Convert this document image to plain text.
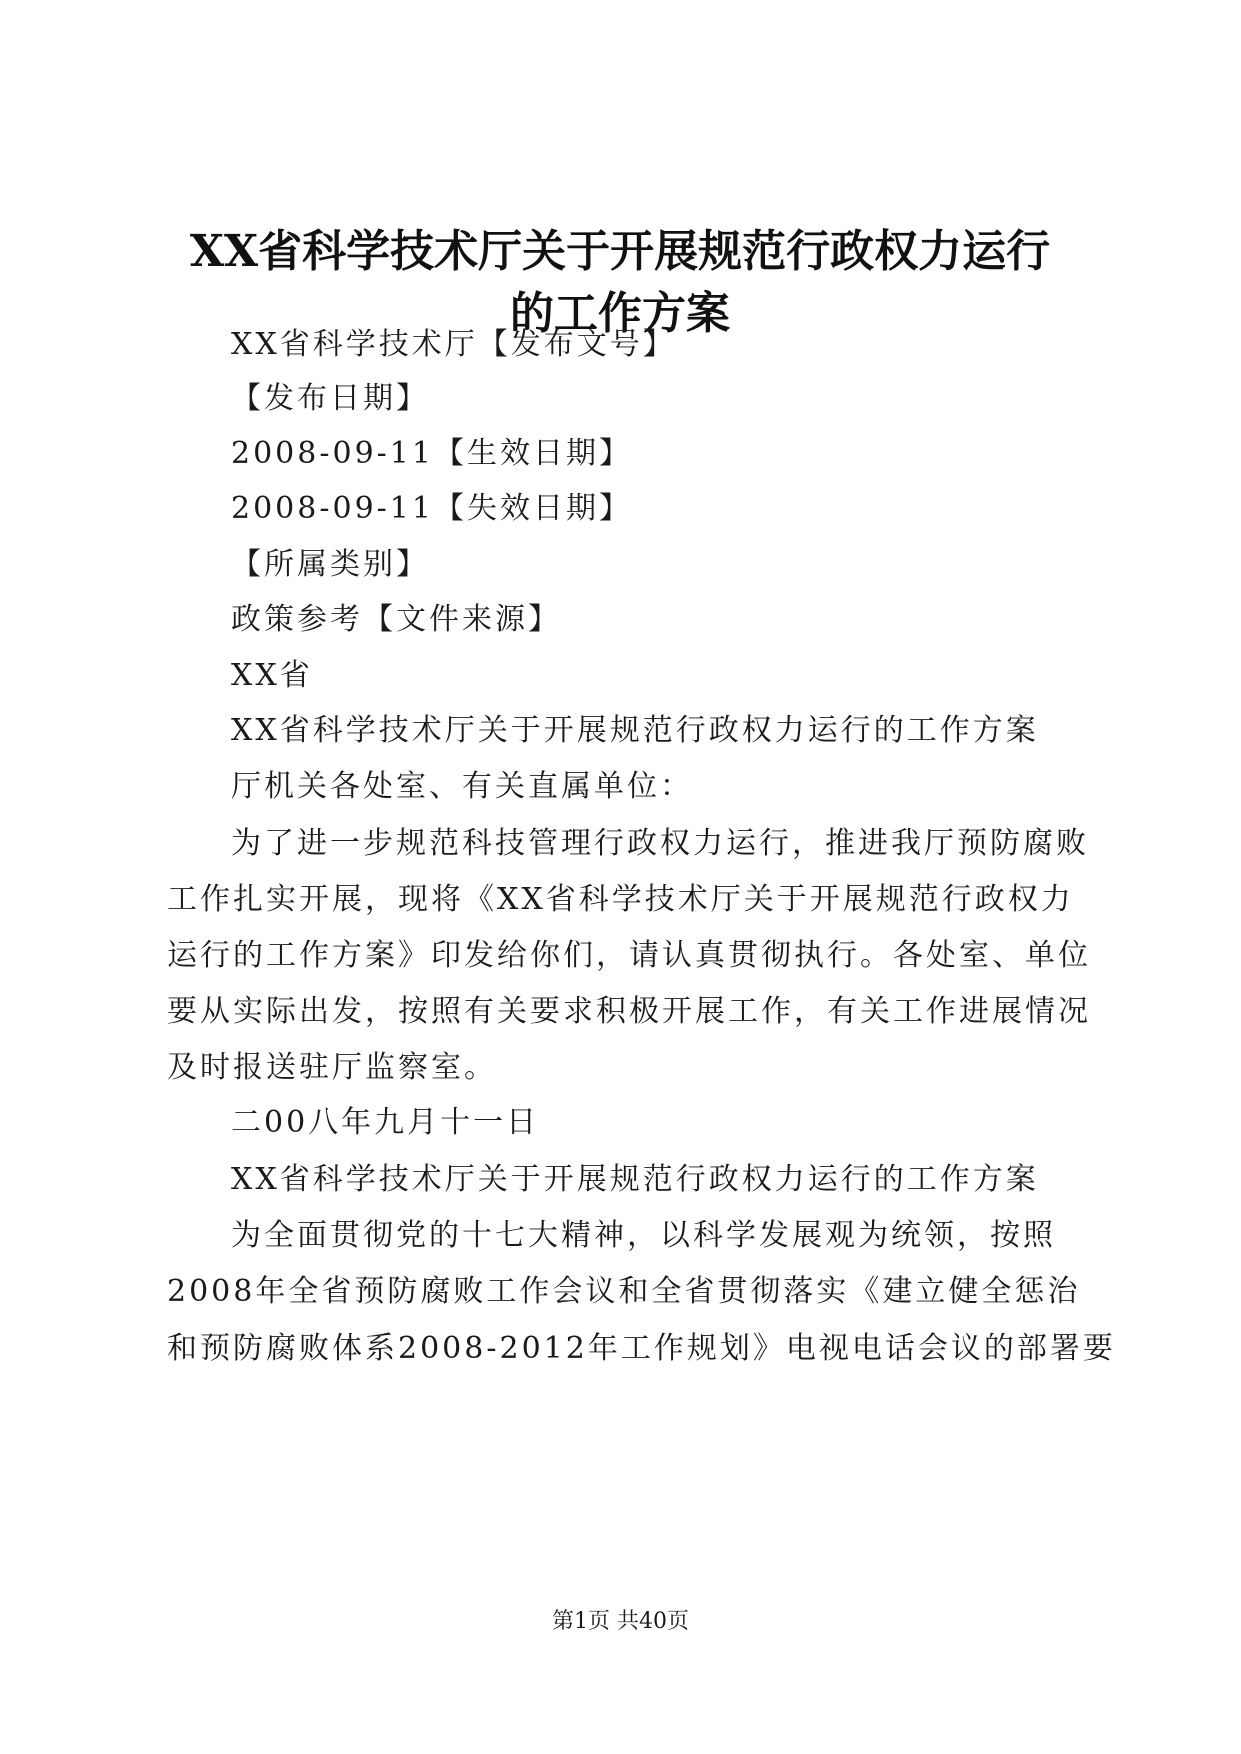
XX省科学技术厅关于开展规范行政权力运行
的工作方案
XX省科学技术厅【发布文号】
【发布日期】
2008-09-11【生效日期】
2008-09-11【失效日期】
【所属类别】
政策参考【文件来源】
XX省
XX省科学技术厅关于开展规范行政权力运行的工作方案
厅机关各处室、有关直属单位：
为了进一步规范科技管理行政权力运行，推进我厅预防腐败
工作扎实开展，现将《XX省科学技术厅关于开展规范行政权力
运行的工作方案》印发给你们，请认真贯彻执行。各处室、单位
要从实际出发，按照有关要求积极开展工作，有关工作进展情况
及时报送驻厅监察室。
二00八年九月十一日
XX省科学技术厅关于开展规范行政权力运行的工作方案
为全面贯彻党的十七大精神，以科学发展观为统领，按照
2008年全省预防腐败工作会议和全省贯彻落实《建立健全惩治
和预防腐败体系2008-2012年工作规划》电视电话会议的部署要
第1页 共40页
